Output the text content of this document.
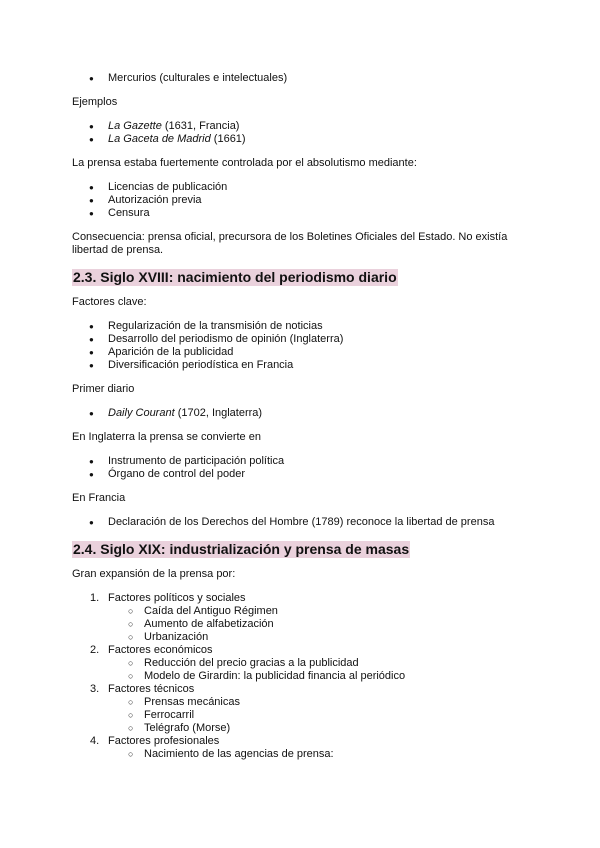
● Mercurios (culturales e intelectuales)

Ejemplos

● La Gazette (1631, Francia)
● La Gaceta de Madrid (1661)

La prensa estaba fuertemente controlada por el absolutismo mediante:

● Licencias de publicación
● Autorización previa
● Censura

Consecuencia: prensa oficial, precursora de los Boletines Oficiales del Estado. No existía libertad de prensa.

2.3. Siglo XVIII: nacimiento del periodismo diario

Factores clave:

● Regularización de la transmisión de noticias
● Desarrollo del periodismo de opinión (Inglaterra)
● Aparición de la publicidad
● Diversificación periodística en Francia

Primer diario

● Daily Courant (1702, Inglaterra)

En Inglaterra la prensa se convierte en

● Instrumento de participación política
● Órgano de control del poder

En Francia

● Declaración de los Derechos del Hombre (1789) reconoce la libertad de prensa
2.4. Siglo XIX: industrialización y prensa de masas

Gran expansión de la prensa por:

1. Factores políticos y sociales
○ Caída del Antiguo Régimen
○ Aumento de alfabetización
○ Urbanización
2. Factores económicos
○ Reducción del precio gracias a la publicidad
○ Modelo de Girardin: la publicidad financia al periódico
3. Factores técnicos
○ Prensas mecánicas
○ Ferrocarril
○ Telégrafo (Morse)
4. Factores profesionales
○ Nacimiento de las agencias de prensa:
